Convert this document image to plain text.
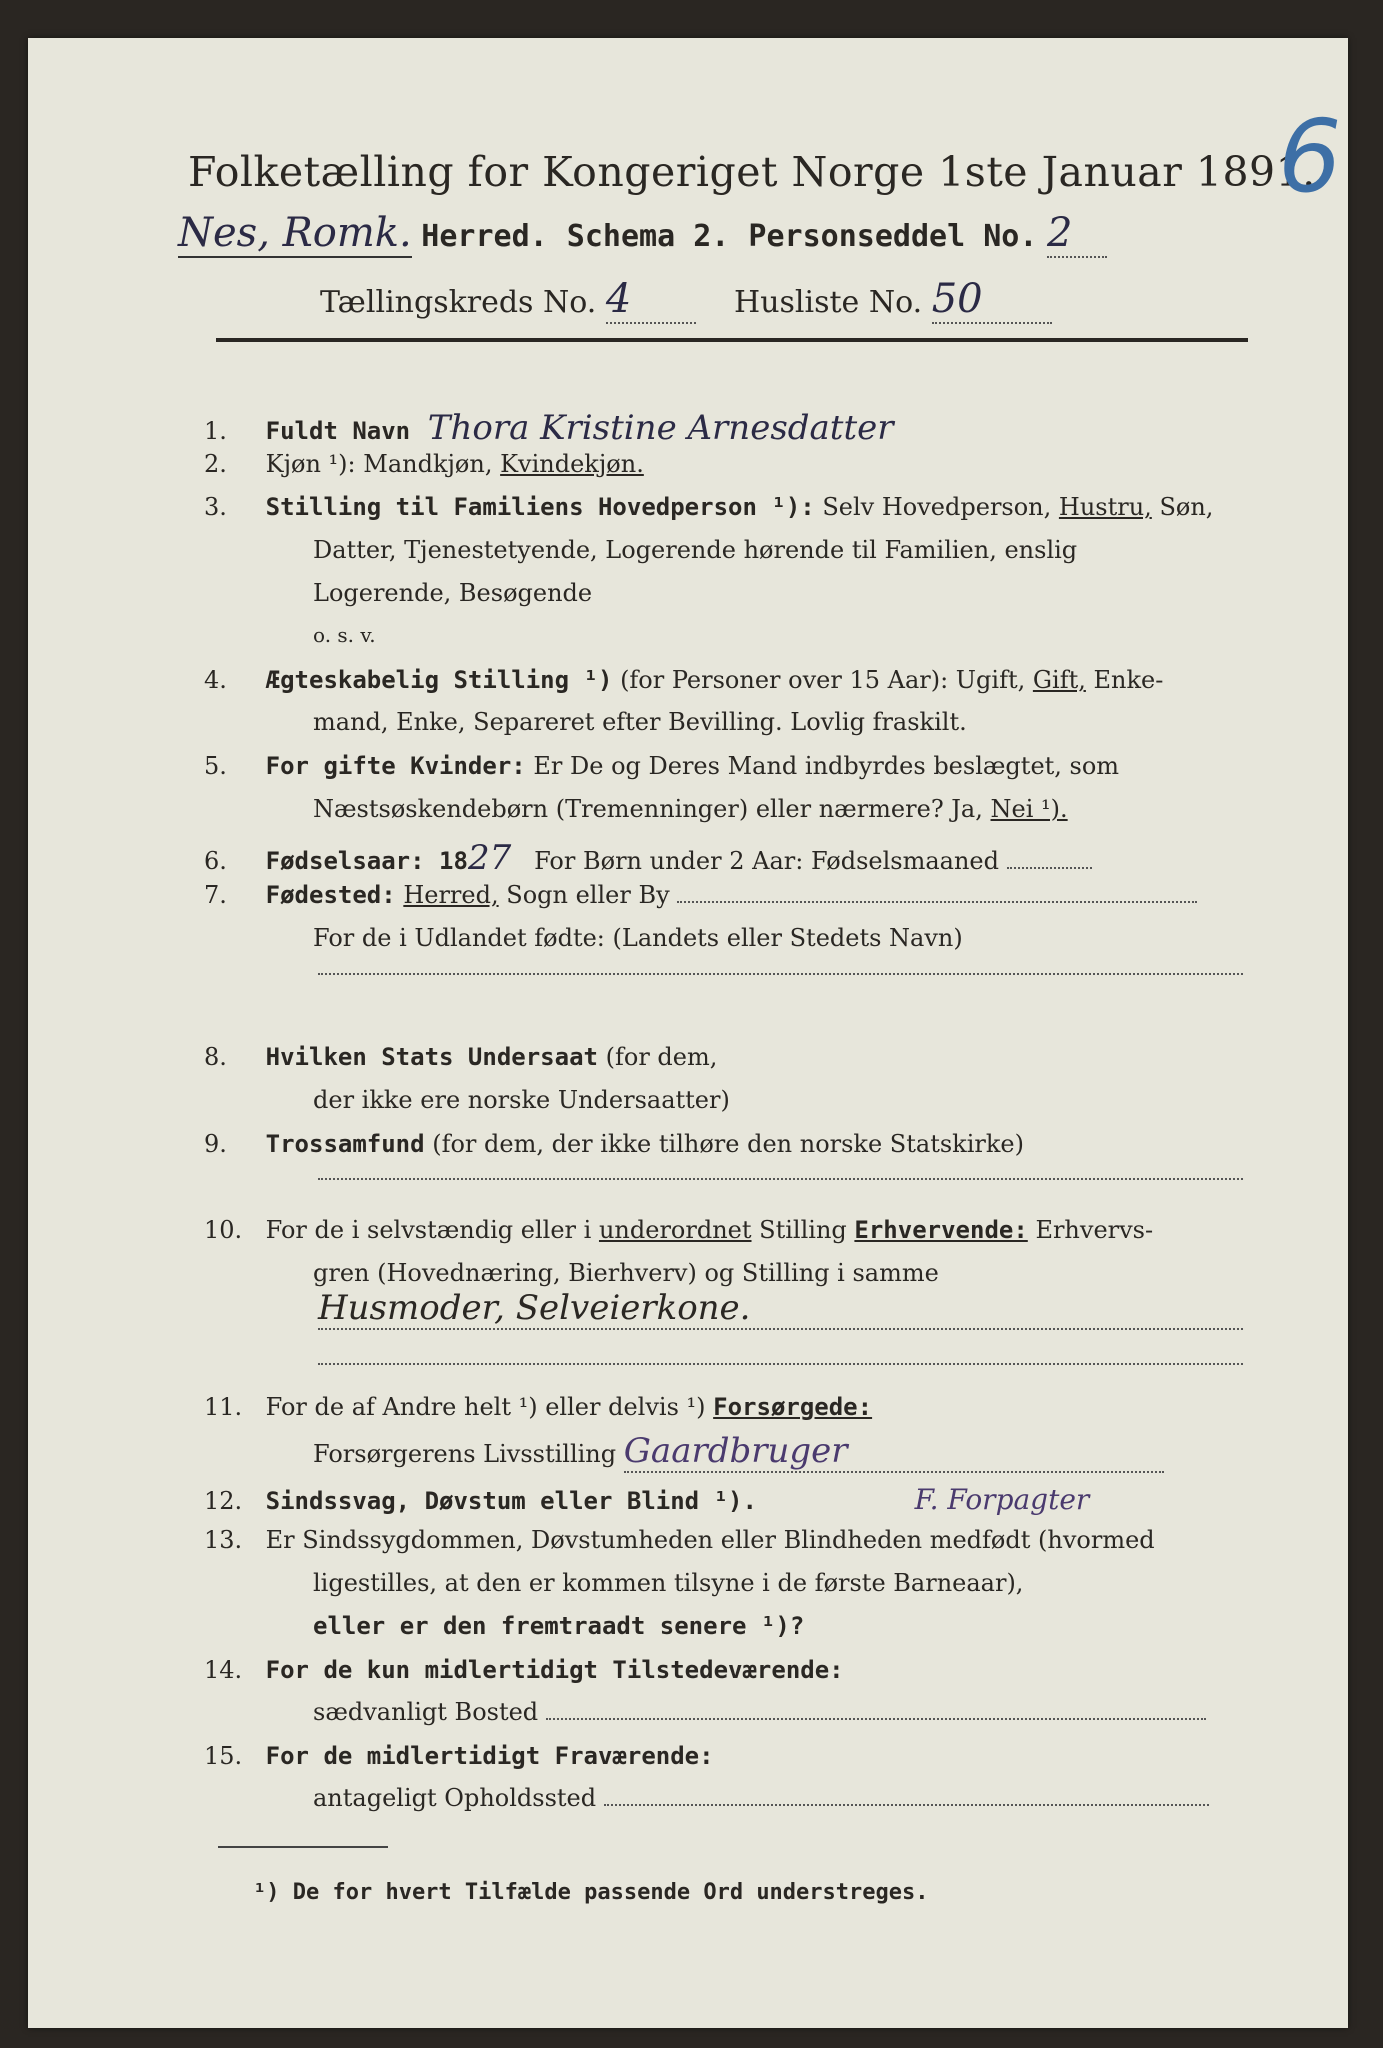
Folketælling for Kongeriget Norge 1ste Januar 1891.
6
Nes, Romk. Herred. Schema 2. Personseddel No. 2
Tællingskreds No. 4	Husliste No. 50
1. Fuldt Navn Thora Kristine Arnesdatter
2. Kjøn ¹): Mandkjøn, Kvindekjøn.
3. Stilling til Familiens Hovedperson ¹): Selv Hovedperson, Hustru, Søn,
Datter, Tjenestetyende, Logerende hørende til Familien, enslig
Logerende, Besøgende
o. s. v.
4. Ægteskabelig Stilling ¹) (for Personer over 15 Aar): Ugift, Gift, Enke-
mand, Enke, Separeret efter Bevilling. Lovlig fraskilt.
5. For gifte Kvinder: Er De og Deres Mand indbyrdes beslægtet, som
Næstsøskendebørn (Tremenninger) eller nærmere? Ja, Nei ¹).
6. Fødselsaar: 1827 For Børn under 2 Aar: Fødselsmaaned
7. Fødested: Herred, Sogn eller By
For de i Udlandet fødte: (Landets eller Stedets Navn)
8. Hvilken Stats Undersaat (for dem,
der ikke ere norske Undersaatter)
9. Trossamfund (for dem, der ikke tilhøre den norske Statskirke)
10. For de i selvstændig eller i underordnet Stilling Erhvervende: Erhvervs-
gren (Hovednæring, Bierhverv) og Stilling i samme
Husmoder, Selveierkone.
11. For de af Andre helt ¹) eller delvis ¹) Forsørgede:
Forsørgerens Livsstilling Gaardbruger
12. Sindssvag, Døvstum eller Blind ¹).	F. Forpagter
13. Er Sindssygdommen, Døvstumheden eller Blindheden medfødt (hvormed
ligestilles, at den er kommen tilsyne i de første Barneaar),
eller er den fremtraadt senere ¹)?
14. For de kun midlertidigt Tilstedeværende:
sædvanligt Bosted
15. For de midlertidigt Fraværende:
antageligt Opholdssted
¹) De for hvert Tilfælde passende Ord understreges.
